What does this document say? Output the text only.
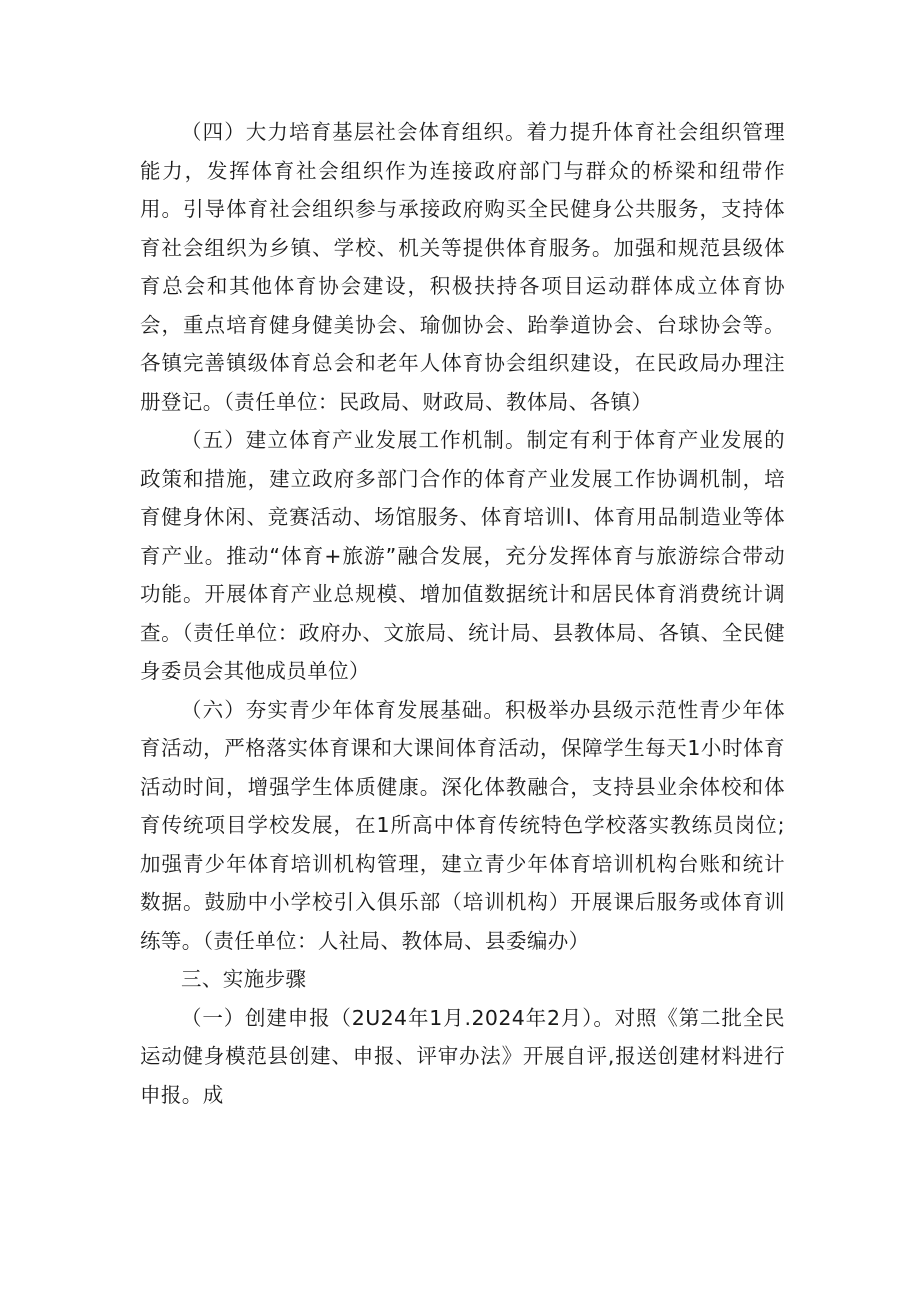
（四）大力培育基层社会体育组织。着力提升体育社会组织管理能力，发挥体育社会组织作为连接政府部门与群众的桥梁和纽带作用。引导体育社会组织参与承接政府购买全民健身公共服务，支持体育社会组织为乡镇、学校、机关等提供体育服务。加强和规范县级体育总会和其他体育协会建设，积极扶持各项目运动群体成立体育协会，重点培育健身健美协会、瑜伽协会、跆拳道协会、台球协会等。各镇完善镇级体育总会和老年人体育协会组织建设，在民政局办理注册登记。（责任单位：民政局、财政局、教体局、各镇）

（五）建立体育产业发展工作机制。制定有利于体育产业发展的政策和措施，建立政府多部门合作的体育产业发展工作协调机制，培育健身休闲、竞赛活动、场馆服务、体育培训l、体育用品制造业等体育产业。推动“体育+旅游”融合发展，充分发挥体育与旅游综合带动功能。开展体育产业总规模、增加值数据统计和居民体育消费统计调查。（责任单位：政府办、文旅局、统计局、县教体局、各镇、全民健身委员会其他成员单位）

（六）夯实青少年体育发展基础。积极举办县级示范性青少年体育活动，严格落实体育课和大课间体育活动，保障学生每天1小时体育活动时间，增强学生体质健康。深化体教融合，支持县业余体校和体育传统项目学校发展，在1所高中体育传统特色学校落实教练员岗位;加强青少年体育培训机构管理，建立青少年体育培训机构台账和统计数据。鼓励中小学校引入俱乐部（培训机构）开展课后服务或体育训练等。（责任单位：人社局、教体局、县委编办）

三、实施步骤

（一）创建申报（2U24年1月.2024年2月）。对照《第二批全民运动健身模范县创建、申报、评审办法》开展自评,报送创建材料进行申报。成
